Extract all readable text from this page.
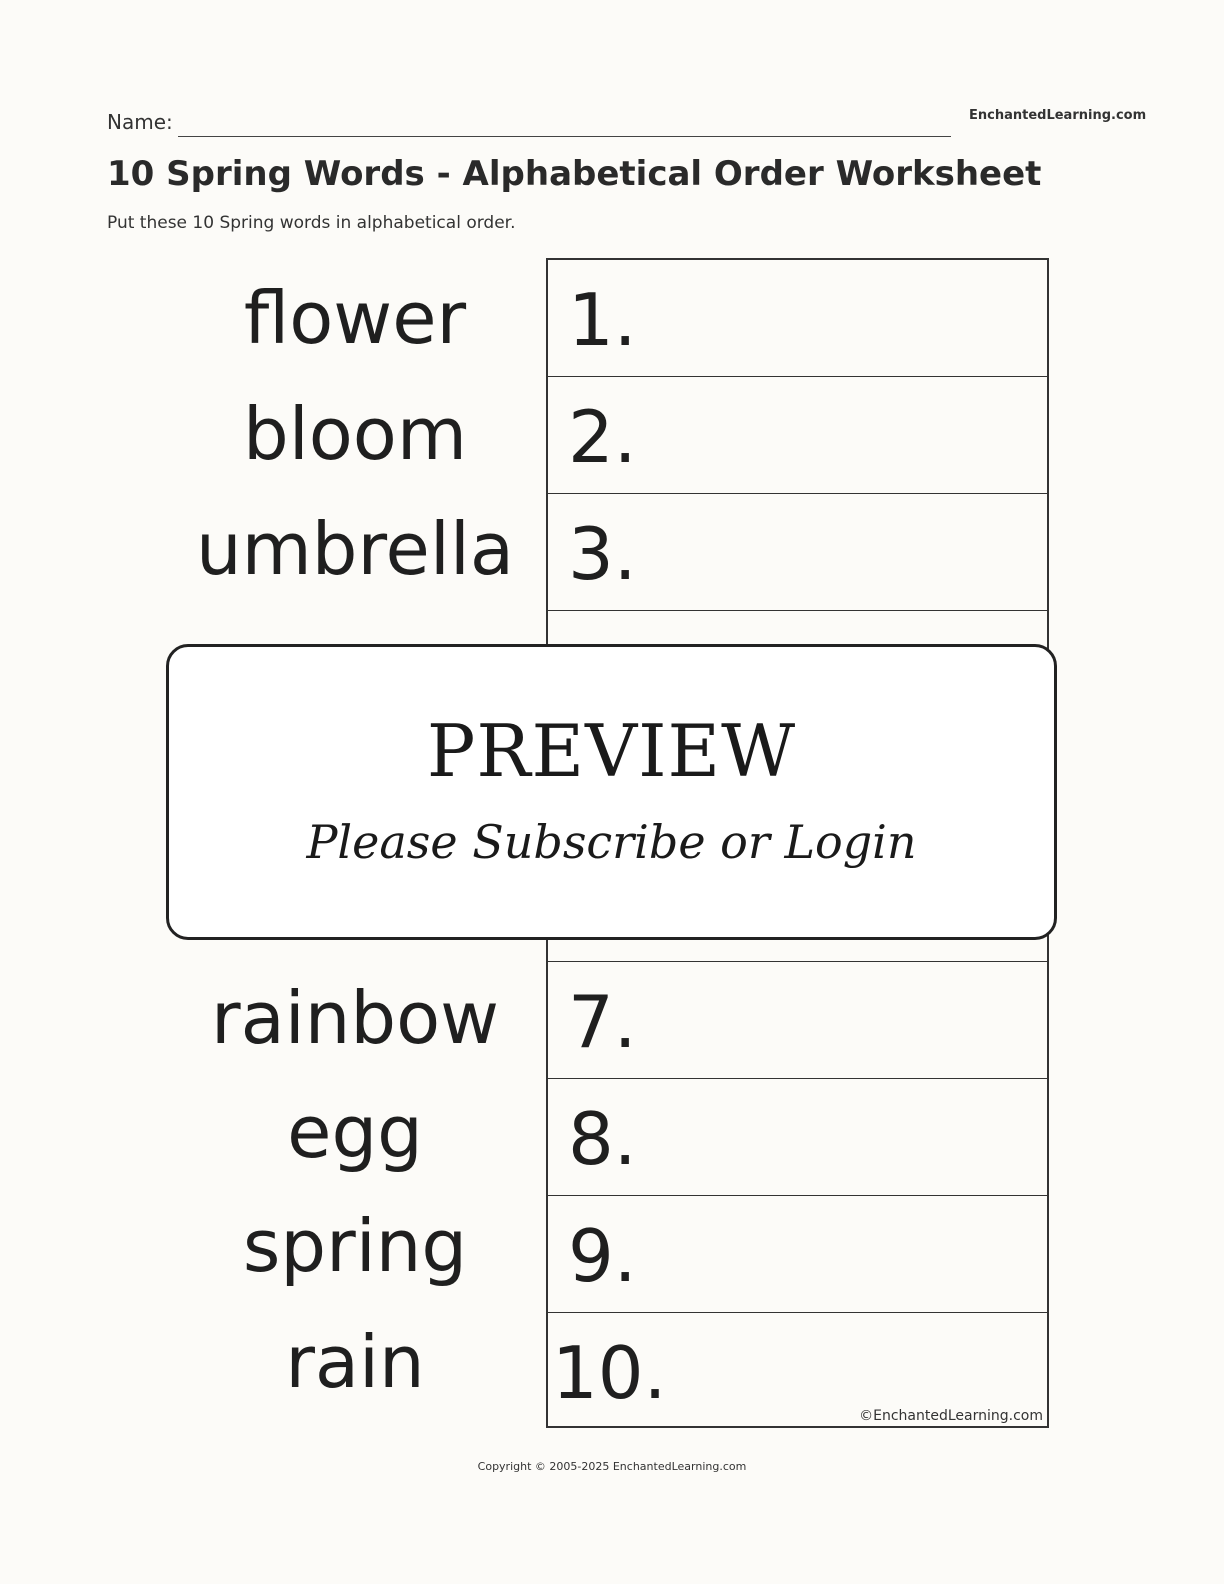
Name:	EnchantedLearning.com
10 Spring Words - Alphabetical Order Worksheet
Put these 10 Spring words in alphabetical order.
flower
bloom
umbrella
rainbow
egg
spring
rain
1.
2.
3.
7.
8.
9.
10.
©EnchantedLearning.com
PREVIEW
Please Subscribe or Login
Copyright © 2005-2025 EnchantedLearning.com
